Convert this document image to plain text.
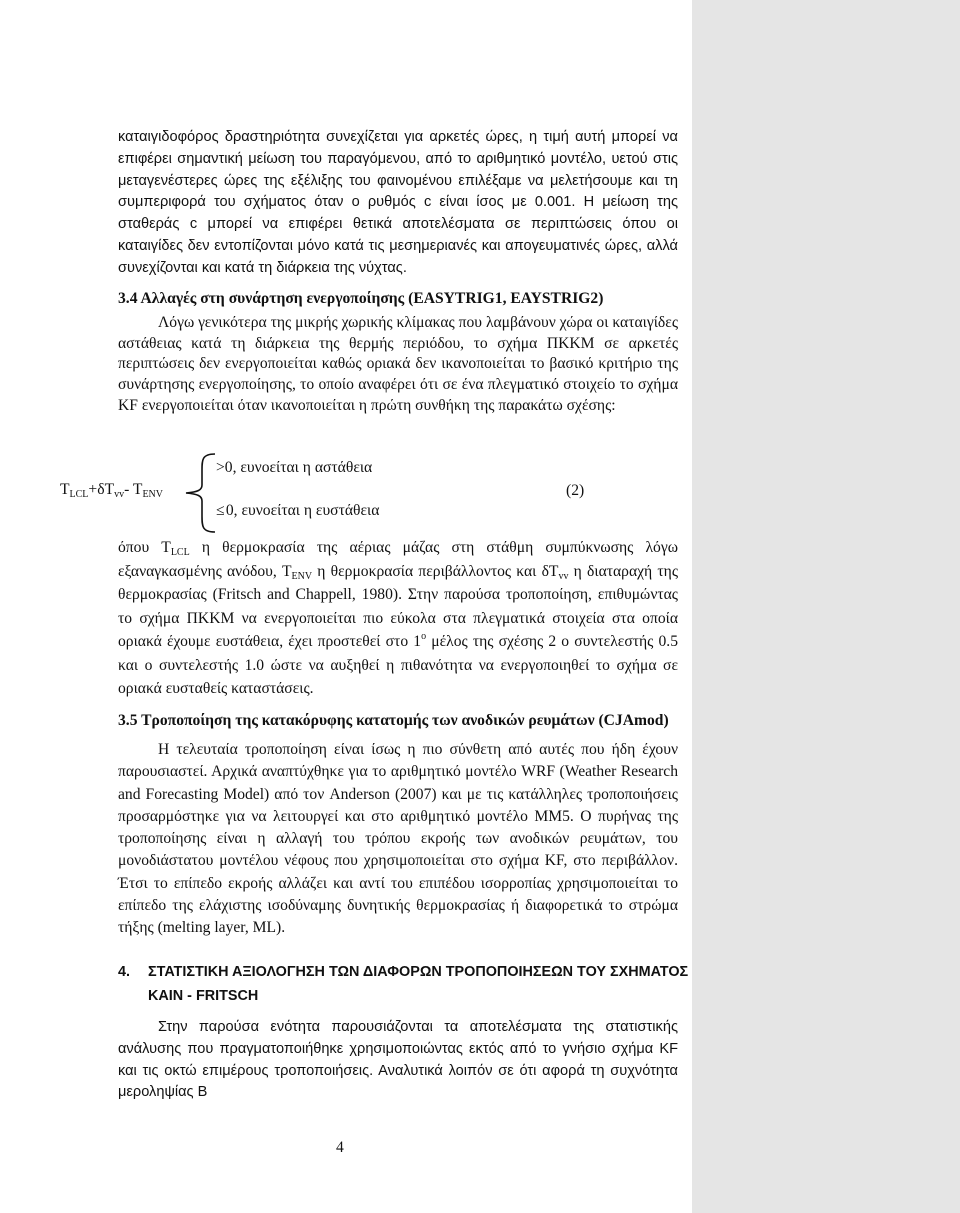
καταιγιδοφόρος δραστηριότητα συνεχίζεται για αρκετές ώρες, η τιμή αυτή μπορεί να επιφέρει σημαντική μείωση του παραγόμενου, από το αριθμητικό μοντέλο, υετού στις μεταγενέστερες ώρες της εξέλιξης του φαινομένου επιλέξαμε να μελετήσουμε και τη συμπεριφορά του σχήματος όταν ο ρυθμός c είναι ίσος με 0.001. Η μείωση της σταθεράς c μπορεί να επιφέρει θετικά αποτελέσματα σε περιπτώσεις όπου οι καταιγίδες δεν εντοπίζονται μόνο κατά τις μεσημεριανές και απογευματινές ώρες, αλλά συνεχίζονται και κατά τη διάρκεια της νύχτας.

3.4 Αλλαγές στη συνάρτηση ενεργοποίησης (EASYTRIG1, EAYSTRIG2)

Λόγω γενικότερα της μικρής χωρικής κλίμακας που λαμβάνουν χώρα οι καταιγίδες αστάθειας κατά τη διάρκεια της θερμής περιόδου, το σχήμα ΠΚΚΜ σε αρκετές περιπτώσεις δεν ενεργοποιείται καθώς οριακά δεν ικανοποιείται το βασικό κριτήριο της συνάρτησης ενεργοποίησης, το οποίο αναφέρει ότι σε ένα πλεγματικό στοιχείο το σχήμα KF ενεργοποιείται όταν ικανοποιείται η πρώτη συνθήκη της παρακάτω σχέσης:

$T_{LCL}+\delta T_{vv}-$ $T_{ENV}$
>0, ευνοείται η αστάθεια
≤ 0, ευνοείται η ευστάθεια
(2)

όπου $T_{LCL}$ η θερμοκρασία της αέριας μάζας στη στάθμη συμπύκνωσης λόγω εξαναγκασμένης ανόδου, $T_{ENV}$ η θερμοκρασία περιβάλλοντος και $\delta T_{vv}$ η διαταραχή της θερμοκρασίας (Fritsch and Chappell, 1980). Στην παρούσα τροποποίηση, επιθυμώντας το σχήμα ΠΚΚΜ να ενεργοποιείται πιο εύκολα στα πλεγματικά στοιχεία στα οποία οριακά έχουμε ευστάθεια, έχει προστεθεί στο $1^o$ μέλος της σχέσης 2 ο συντελεστής 0.5 και ο συντελεστής 1.0 ώστε να αυξηθεί η πιθανότητα να ενεργοποιηθεί το σχήμα σε οριακά ευσταθείς καταστάσεις.

3.5 Τροποποίηση της κατακόρυφης κατατομής των ανοδικών ρευμάτων (CJAmod)

Η τελευταία τροποποίηση είναι ίσως η πιο σύνθετη από αυτές που ήδη έχουν παρουσιαστεί. Αρχικά αναπτύχθηκε για το αριθμητικό μοντέλο WRF (Weather Research and Forecasting Model) από τον Anderson (2007) και με τις κατάλληλες τροποποιήσεις προσαρμόστηκε για να λειτουργεί και στο αριθμητικό μοντέλο MM5. Ο πυρήνας της τροποποίησης είναι η αλλαγή του τρόπου εκροής των ανοδικών ρευμάτων, του μονοδιάστατου μοντέλου νέφους που χρησιμοποιείται στο σχήμα KF, στο περιβάλλον. Έτσι το επίπεδο εκροής αλλάζει και αντί του επιπέδου ισορροπίας χρησιμοποιείται το επίπεδο της ελάχιστης ισοδύναμης δυνητικής θερμοκρασίας ή διαφορετικά το στρώμα τήξης (melting layer, ML).

4. ΣΤΑΤΙΣΤΙΚΗ ΑΞΙΟΛΟΓΗΣΗ ΤΩΝ ΔΙΑΦΟΡΩΝ ΤΡΟΠΟΠΟΙΗΣΕΩΝ ΤΟΥ ΣΧΗΜΑΤΟΣ
KAIN - FRITSCH

Στην παρούσα ενότητα παρουσιάζονται τα αποτελέσματα της στατιστικής ανάλυσης που πραγματοποιήθηκε χρησιμοποιώντας εκτός από το γνήσιο σχήμα KF και τις οκτώ επιμέρους τροποποιήσεις. Αναλυτικά λοιπόν σε ότι αφορά τη συχνότητα μεροληψίας B

4
